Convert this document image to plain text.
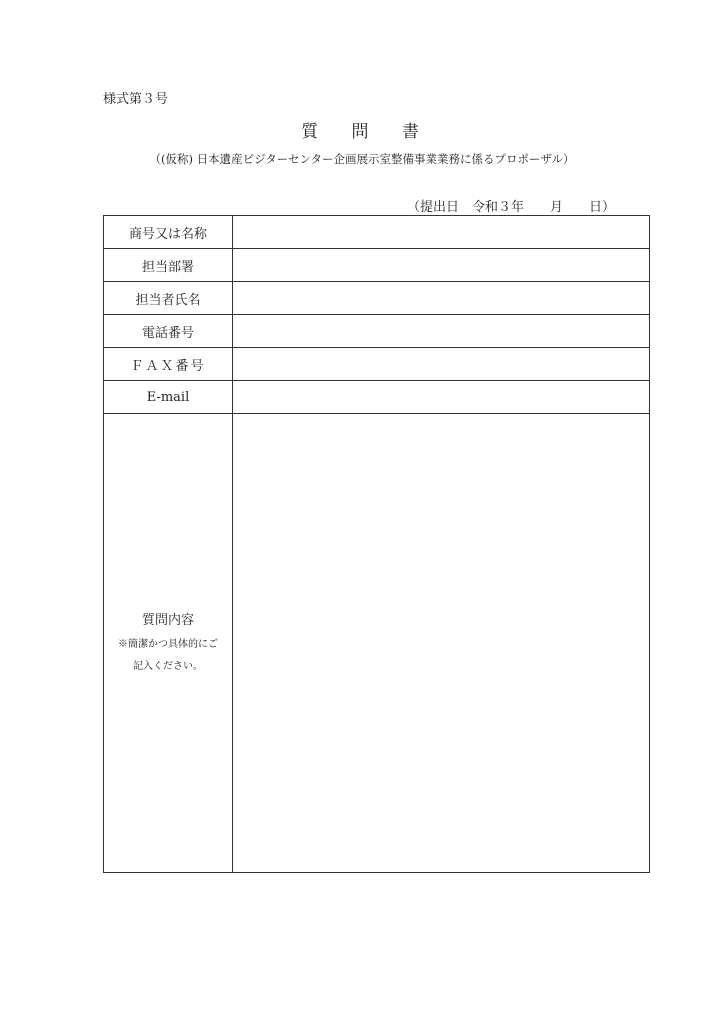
様式第３号
質 問 書
（(仮称) 日本遺産ビジターセンター企画展示室整備事業業務に係るプロポーザル）
（提出日　令和３年　　月　　日）
商号又は名称	
担当部署	
担当者氏名	
電話番号	
ＦＡＸ番号	
E-mail	

質問内容
※簡潔かつ具体的にご
記入ください。	
